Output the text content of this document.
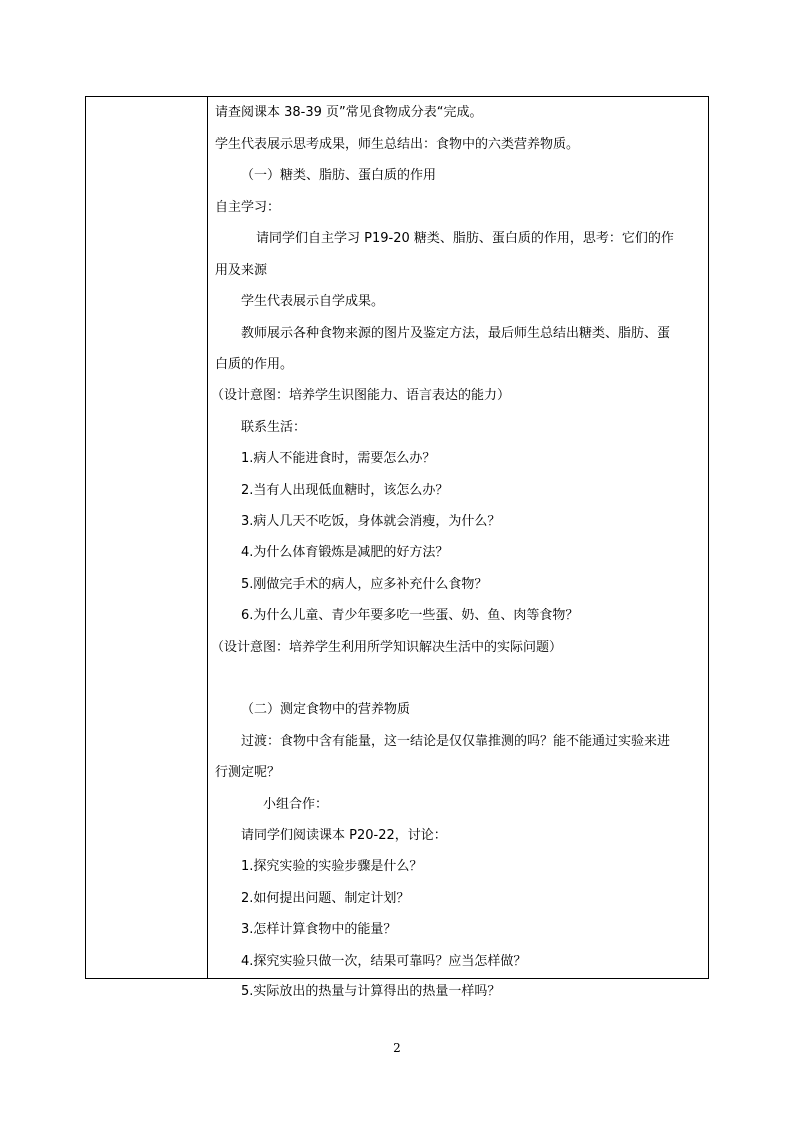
请查阅课本 38-39 页”常见食物成分表“完成。
学生代表展示思考成果，师生总结出：食物中的六类营养物质。
（一）糖类、脂肪、蛋白质的作用
自主学习：
请同学们自主学习 P19-20 糖类、脂肪、蛋白质的作用，思考：它们的作
用及来源
学生代表展示自学成果。
教师展示各种食物来源的图片及鉴定方法，最后师生总结出糖类、脂肪、蛋
白质的作用。
（设计意图：培养学生识图能力、语言表达的能力）
联系生活：
1.病人不能进食时，需要怎么办？
2.当有人出现低血糖时，该怎么办？
3.病人几天不吃饭，身体就会消瘦，为什么？
4.为什么体育锻炼是减肥的好方法？
5.刚做完手术的病人，应多补充什么食物？
6.为什么儿童、青少年要多吃一些蛋、奶、鱼、肉等食物？
（设计意图：培养学生利用所学知识解决生活中的实际问题）
（二）测定食物中的营养物质
过渡：食物中含有能量，这一结论是仅仅靠推测的吗？能不能通过实验来进
行测定呢？
小组合作：
请同学们阅读课本 P20-22，讨论：
1.探究实验的实验步骤是什么？
2.如何提出问题、制定计划？
3.怎样计算食物中的能量？
4.探究实验只做一次，结果可靠吗？应当怎样做？
5.实际放出的热量与计算得出的热量一样吗？
2
